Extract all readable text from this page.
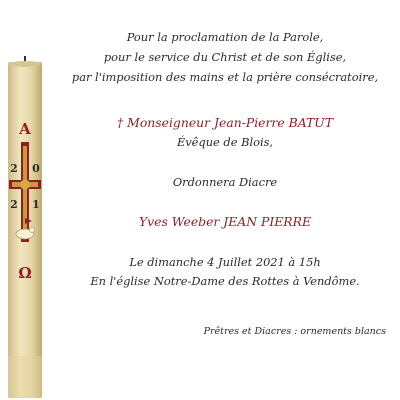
A
2 0
2 1
Ω
Pour la proclamation de la Parole,
pour le service du Christ et de son Église,
par l'imposition des mains et la prière consécratoire,
† Monseigneur Jean-Pierre BATUT
Évêque de Blois,
Ordonnera Diacre
Yves Weeber JEAN PIERRE
Le dimanche 4 Juillet 2021 à 15h
En l'église Notre-Dame des Rottes à Vendôme.
Prêtres et Diacres : ornements blancs
